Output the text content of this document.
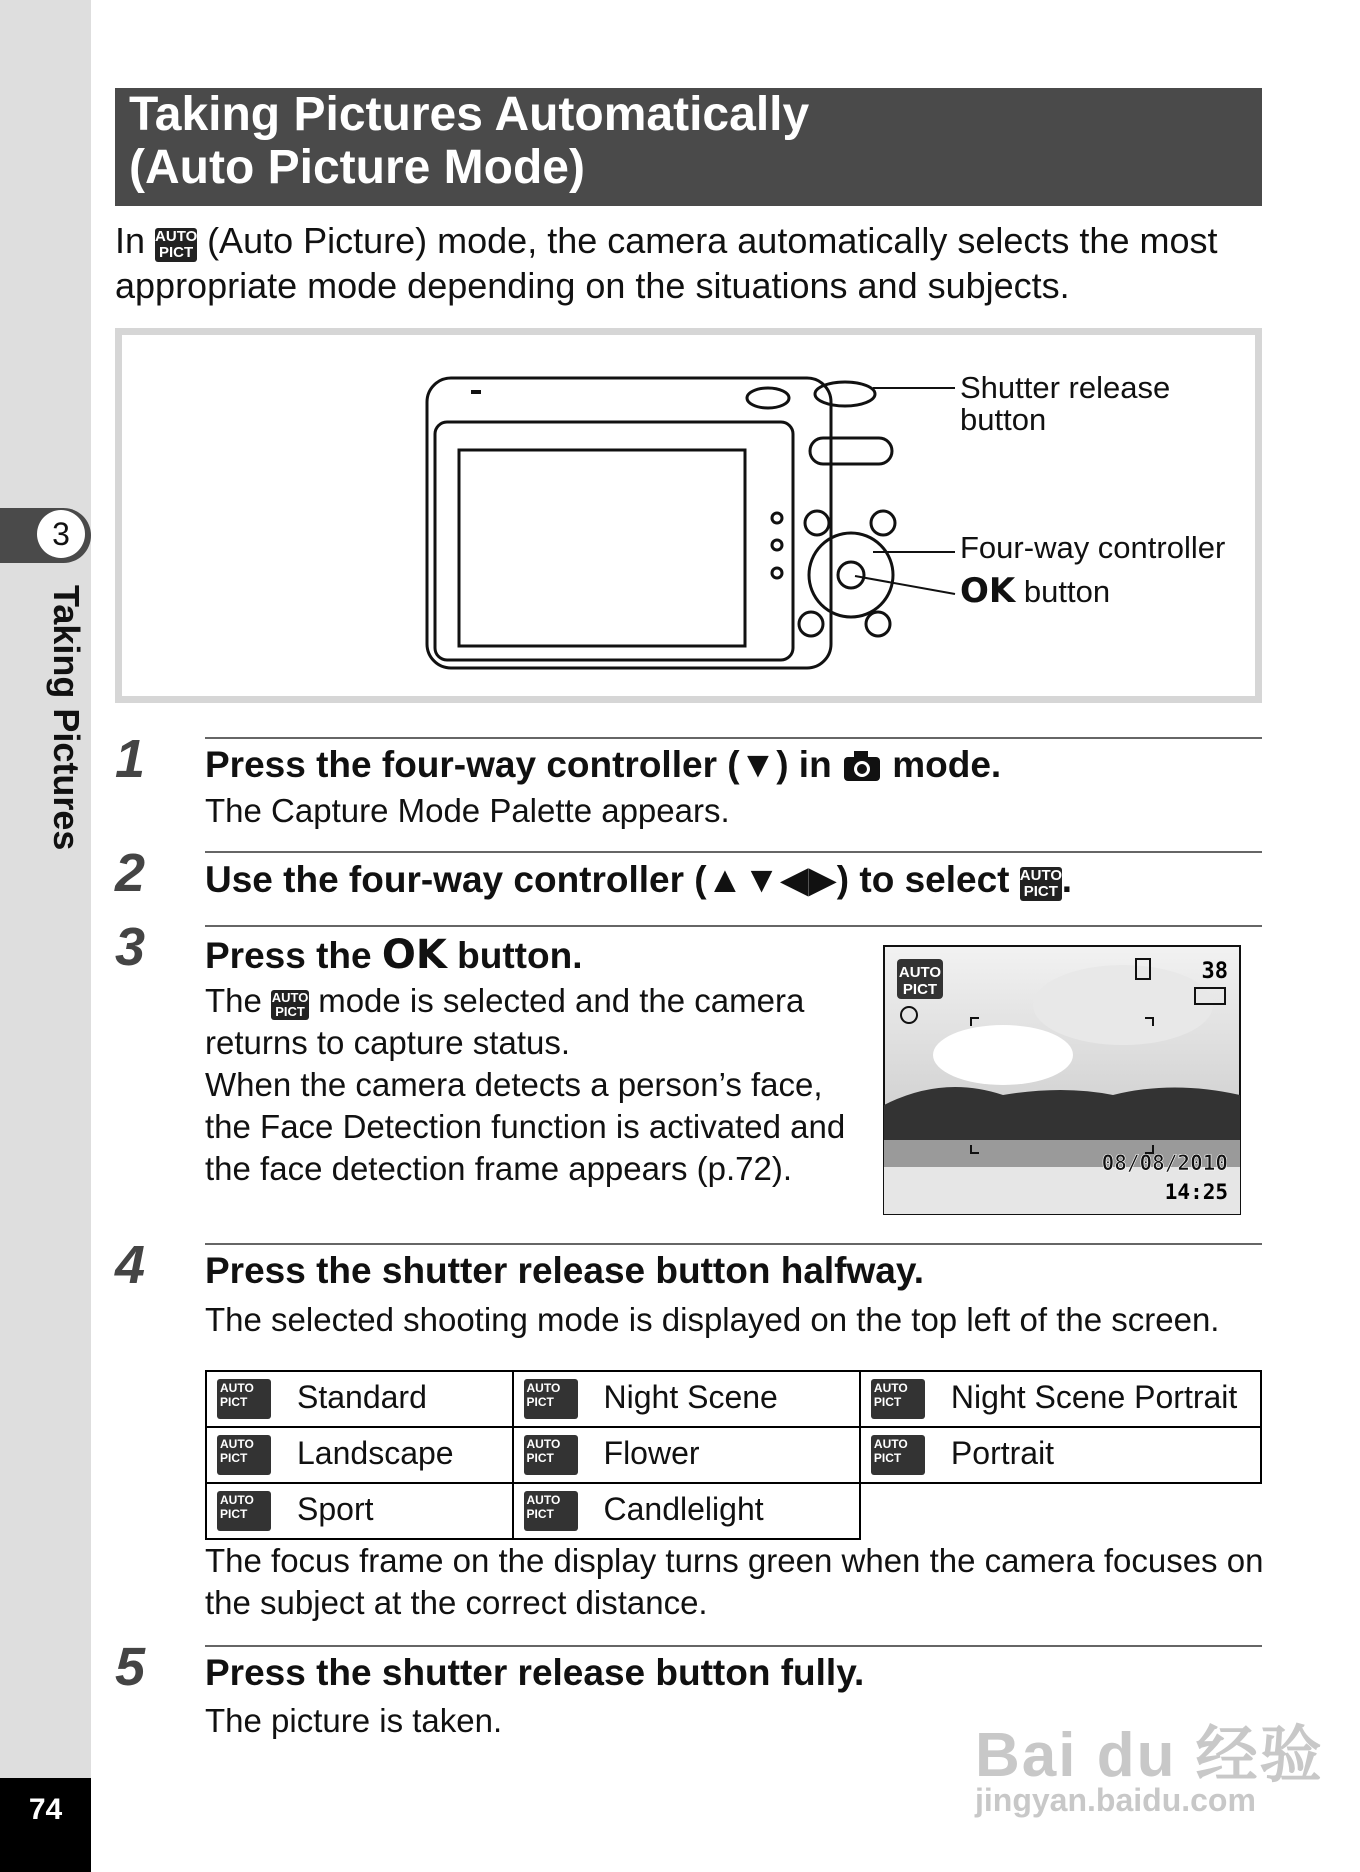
3
Taking Pictures
74
Taking Pictures Automatically
(Auto Picture Mode)
In AUTO
PICT (Auto Picture) mode, the camera automatically selects the most appropriate mode depending on the situations and subjects.
Shutter release
button
Four-way controller
OK button
1 Press the four-way controller (▼) in mode.
The Capture Mode Palette appears.
2 Use the four-way controller (▲▼◀▶) to select AUTO
PICT .
3 Press the OK button.
The AUTO
PICT mode is selected and the camera returns to capture status.
When the camera detects a person’s face, the Face Detection function is activated and the face detection frame appears (p.72).
AUTO
PICT
38
08/08/2010
14:25
4 Press the shutter release button halfway.
The selected shooting mode is displayed on the top left of the screen.
AUTO
PICT Standard	AUTO
PICT Night Scene	AUTO
PICT Night Scene Portrait

AUTO
PICT Landscape	AUTO
PICT Flower	AUTO
PICT Portrait

AUTO
PICT Sport	AUTO
PICT Candlelight	
The focus frame on the display turns green when the camera focuses on the subject at the correct distance.
5 Press the shutter release button fully.
The picture is taken.
Bai du 经验
jingyan.baidu.com
